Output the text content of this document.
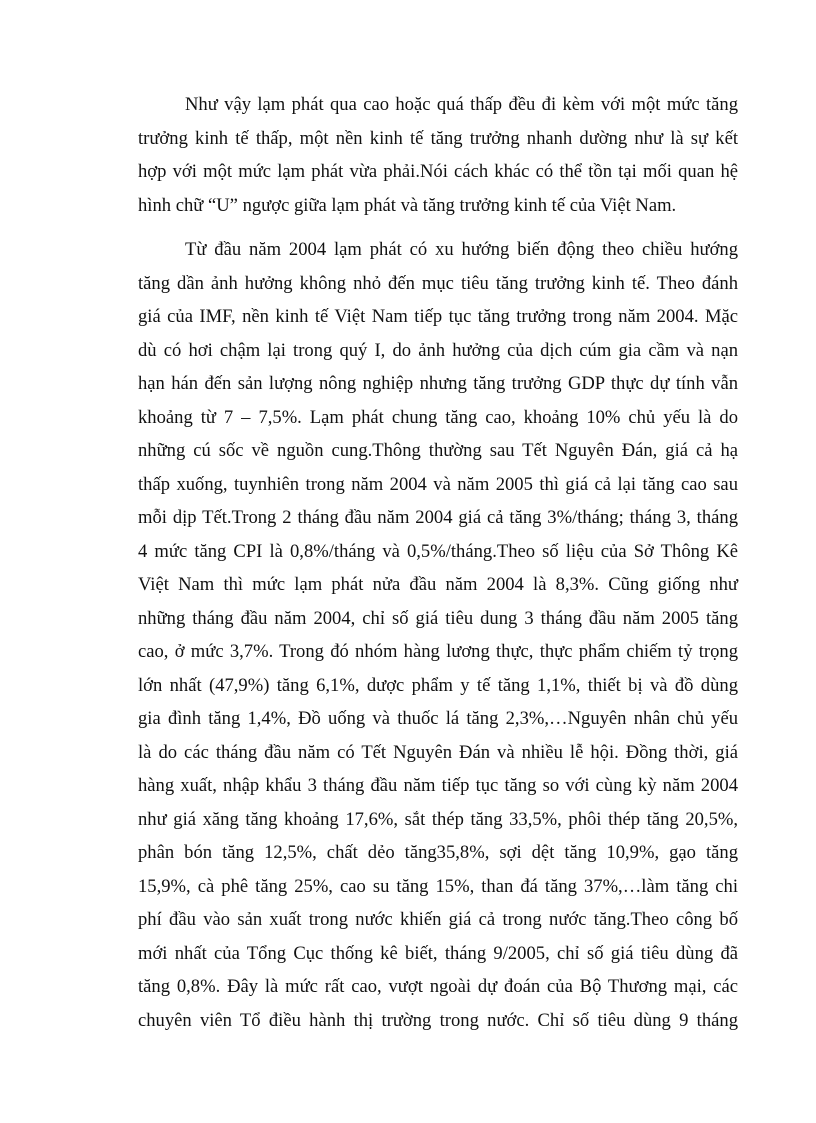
Như vậy lạm phát qua cao hoặc quá thấp đều đi kèm với một mức tăng
trưởng kinh tế thấp, một nền kinh tế tăng trưởng nhanh dường như là sự kết
hợp với một mức lạm phát vừa phải.Nói cách khác có thể tồn tại mối quan hệ
hình chữ “U” ngược giữa lạm phát và tăng trưởng kinh tế của Việt Nam.
Từ đầu năm 2004 lạm phát có xu hướng biến động theo chiều hướng
tăng dần ảnh hưởng không nhỏ đến mục tiêu tăng trưởng kinh tế. Theo đánh
giá của IMF, nền kinh tế Việt Nam tiếp tục tăng trưởng trong năm 2004. Mặc
dù có hơi chậm lại trong quý I, do ảnh hưởng của dịch cúm gia cầm và nạn
hạn hán đến sản lượng nông nghiệp nhưng tăng trưởng GDP thực dự tính vẫn
khoảng từ 7 – 7,5%. Lạm phát chung tăng cao, khoảng 10% chủ yếu là do
những cú sốc về nguồn cung.Thông thường sau Tết Nguyên Đán, giá cả hạ
thấp xuống, tuynhiên trong năm 2004 và năm 2005 thì giá cả lại tăng cao sau
mỗi dịp Tết.Trong 2 tháng đầu năm 2004 giá cả tăng 3%/tháng; tháng 3, tháng
4 mức tăng CPI là 0,8%/tháng và 0,5%/tháng.Theo số liệu của Sở Thông Kê
Việt Nam thì mức lạm phát nửa đầu năm 2004 là 8,3%. Cũng giống như
những tháng đầu năm 2004, chỉ số giá tiêu dung 3 tháng đầu năm 2005 tăng
cao, ở mức 3,7%. Trong đó nhóm hàng lương thực, thực phẩm chiếm tỷ trọng
lớn nhất (47,9%) tăng 6,1%, dược phẩm y tế tăng 1,1%, thiết bị và đồ dùng
gia đình tăng 1,4%, Đồ uống và thuốc lá tăng 2,3%,…Nguyên nhân chủ yếu
là do các tháng đầu năm có Tết Nguyên Đán và nhiều lễ hội. Đồng thời, giá
hàng xuất, nhập khẩu 3 tháng đầu năm tiếp tục tăng so với cùng kỳ năm 2004
như giá xăng tăng khoảng 17,6%, sắt thép tăng 33,5%, phôi thép tăng 20,5%,
phân bón tăng 12,5%, chất dẻo tăng35,8%, sợi dệt tăng 10,9%, gạo tăng
15,9%, cà phê tăng 25%, cao su tăng 15%, than đá tăng 37%,…làm tăng chi
phí đầu vào sản xuất trong nước khiến giá cả trong nước tăng.Theo công bố
mới nhất của Tổng Cục thống kê biết, tháng 9/2005, chỉ số giá tiêu dùng đã
tăng 0,8%. Đây là mức rất cao, vượt ngoài dự đoán của Bộ Thương mại, các
chuyên viên Tổ điều hành thị trường trong nước. Chỉ số tiêu dùng 9 tháng
